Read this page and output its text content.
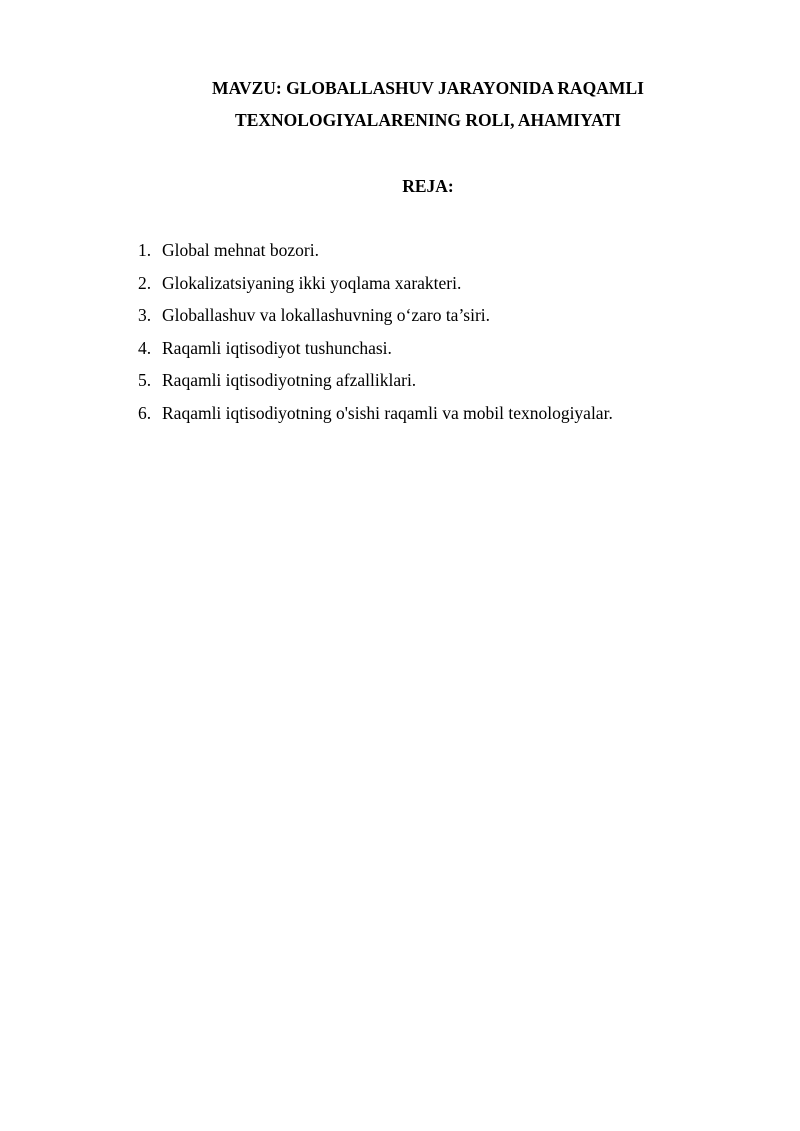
MAVZU: GLOBALLASHUV JARAYONIDA RAQAMLI
TEXNOLOGIYALARENING ROLI, AHAMIYATI
REJA:
1. Global mehnat bozori.
2. Glokalizatsiyaning ikki yoqlama xarakteri.
3. Globallashuv va lokallashuvning o‘zaro ta’siri.
4. Raqamli iqtisodiyot tushunchasi.
5. Raqamli iqtisodiyotning afzalliklari.
6. Raqamli iqtisodiyotning o'sishi raqamli va mobil texnologiyalar.
